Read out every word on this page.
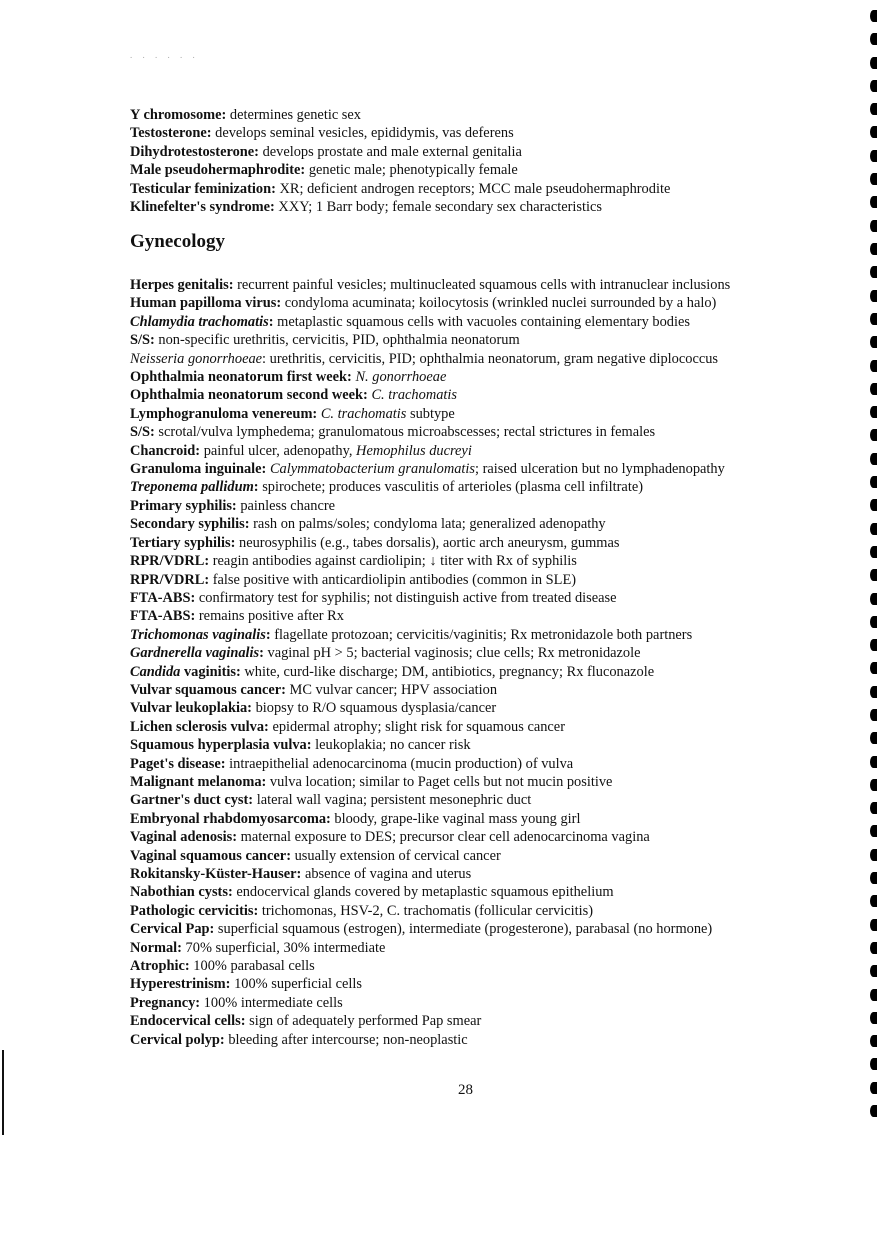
. . . . . .
Y chromosome: determines genetic sex
Testosterone: develops seminal vesicles, epididymis, vas deferens
Dihydrotestosterone: develops prostate and male external genitalia
Male pseudohermaphrodite: genetic male; phenotypically female
Testicular feminization: XR; deficient androgen receptors; MCC male pseudohermaphrodite
Klinefelter's syndrome: XXY; 1 Barr body; female secondary sex characteristics
Gynecology
Herpes genitalis: recurrent painful vesicles; multinucleated squamous cells with intranuclear inclusions
Human papilloma virus: condyloma acuminata; koilocytosis (wrinkled nuclei surrounded by a halo)
Chlamydia trachomatis: metaplastic squamous cells with vacuoles containing elementary bodies
S/S: non-specific urethritis, cervicitis, PID, ophthalmia neonatorum
Neisseria gonorrhoeae: urethritis, cervicitis, PID; ophthalmia neonatorum, gram negative diplococcus
Ophthalmia neonatorum first week: N. gonorrhoeae
Ophthalmia neonatorum second week: C. trachomatis
Lymphogranuloma venereum: C. trachomatis subtype
S/S: scrotal/vulva lymphedema; granulomatous microabscesses; rectal strictures in females
Chancroid: painful ulcer, adenopathy, Hemophilus ducreyi
Granuloma inguinale: Calymmatobacterium granulomatis; raised ulceration but no lymphadenopathy
Treponema pallidum: spirochete; produces vasculitis of arterioles (plasma cell infiltrate)
Primary syphilis: painless chancre
Secondary syphilis: rash on palms/soles; condyloma lata; generalized adenopathy
Tertiary syphilis: neurosyphilis (e.g., tabes dorsalis), aortic arch aneurysm, gummas
RPR/VDRL: reagin antibodies against cardiolipin; ↓ titer with Rx of syphilis
RPR/VDRL: false positive with anticardiolipin antibodies (common in SLE)
FTA-ABS: confirmatory test for syphilis; not distinguish active from treated disease
FTA-ABS: remains positive after Rx
Trichomonas vaginalis: flagellate protozoan; cervicitis/vaginitis; Rx metronidazole both partners
Gardnerella vaginalis: vaginal pH > 5; bacterial vaginosis; clue cells; Rx metronidazole
Candida vaginitis: white, curd-like discharge; DM, antibiotics, pregnancy; Rx fluconazole
Vulvar squamous cancer: MC vulvar cancer; HPV association
Vulvar leukoplakia: biopsy to R/O squamous dysplasia/cancer
Lichen sclerosis vulva: epidermal atrophy; slight risk for squamous cancer
Squamous hyperplasia vulva: leukoplakia; no cancer risk
Paget's disease: intraepithelial adenocarcinoma (mucin production) of vulva
Malignant melanoma: vulva location; similar to Paget cells but not mucin positive
Gartner's duct cyst: lateral wall vagina; persistent mesonephric duct
Embryonal rhabdomyosarcoma: bloody, grape-like vaginal mass young girl
Vaginal adenosis: maternal exposure to DES; precursor clear cell adenocarcinoma vagina
Vaginal squamous cancer: usually extension of cervical cancer
Rokitansky-Küster-Hauser: absence of vagina and uterus
Nabothian cysts: endocervical glands covered by metaplastic squamous epithelium
Pathologic cervicitis: trichomonas, HSV-2, C. trachomatis (follicular cervicitis)
Cervical Pap: superficial squamous (estrogen), intermediate (progesterone), parabasal (no hormone)
Normal: 70% superficial, 30% intermediate
Atrophic: 100% parabasal cells
Hyperestrinism: 100% superficial cells
Pregnancy: 100% intermediate cells
Endocervical cells: sign of adequately performed Pap smear
Cervical polyp: bleeding after intercourse; non-neoplastic
28
